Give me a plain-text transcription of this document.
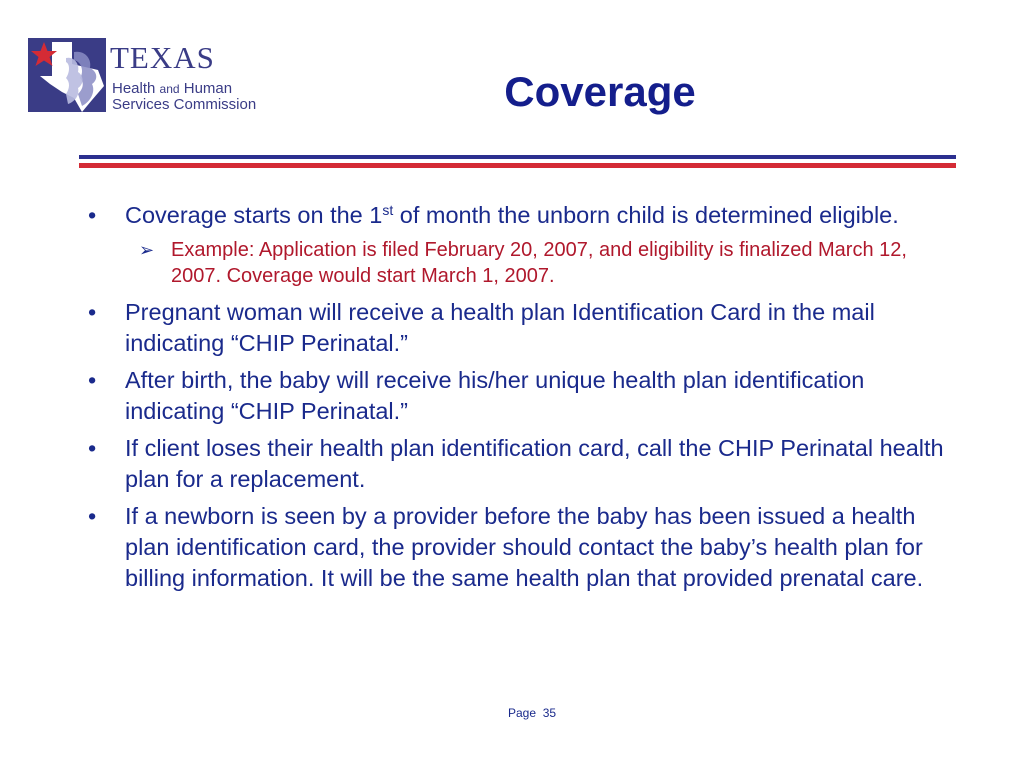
TEXAS
Health and Human
Services Commission	Coverage
• Coverage starts on the 1st of month the unborn child is determined eligible.
➢ Example: Application is filed February 20, 2007, and eligibility is finalized March 12, 2007. Coverage would start March 1, 2007.
• Pregnant woman will receive a health plan Identification Card in the mail indicating “CHIP Perinatal.”
• After birth, the baby will receive his/her unique health plan identification indicating “CHIP Perinatal.”
• If client loses their health plan identification card, call the CHIP Perinatal health plan for a replacement.
• If a newborn is seen by a provider before the baby has been issued a health plan identification card, the provider should contact the baby’s health plan for billing information. It will be the same health plan that provided prenatal care.
Page 35
